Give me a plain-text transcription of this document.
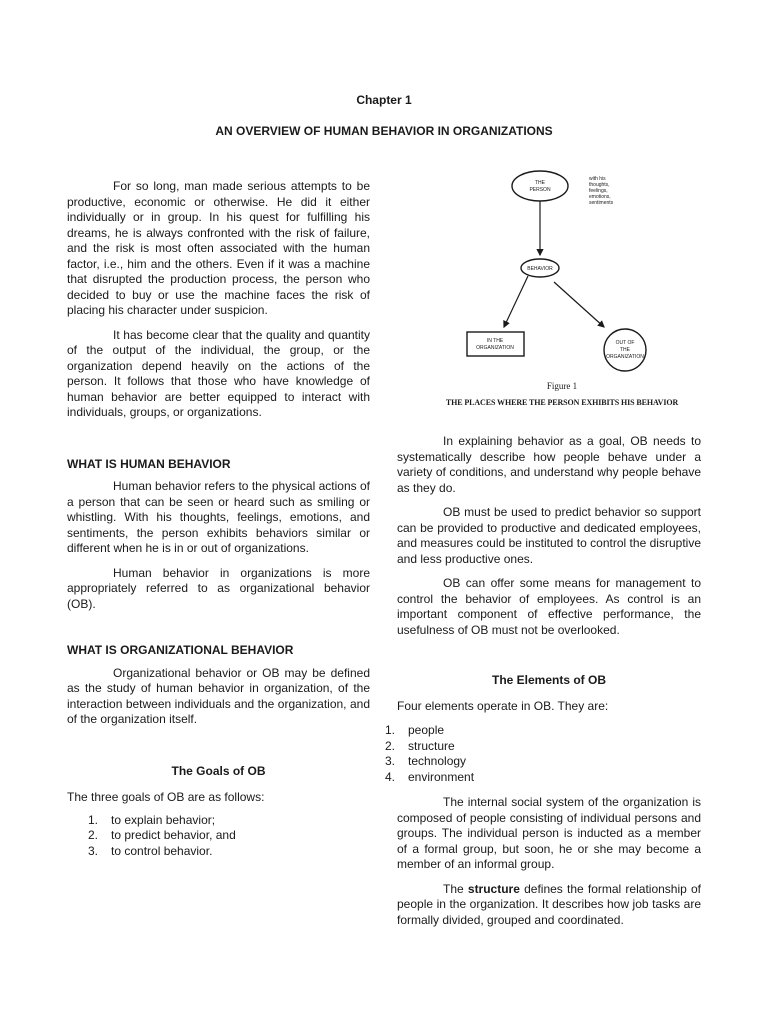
Chapter 1
AN OVERVIEW OF HUMAN BEHAVIOR IN ORGANIZATIONS

For so long, man made serious attempts to be productive, economic or otherwise. He did it either individually or in group. In his quest for fulfilling his dreams, he is always confronted with the risk of failure, and the risk is most often associated with the human factor, i.e., him and the others. Even if it was a machine that disrupted the production process, the person who decided to buy or use the machine faces the risk of placing his character under suspicion.

It has become clear that the quality and quantity of the output of the individual, the group, or the organization depend heavily on the actions of the person. It follows that those who have knowledge of human behavior are better equipped to interact with individuals, groups, or organizations.

WHAT IS HUMAN BEHAVIOR

Human behavior refers to the physical actions of a person that can be seen or heard such as smiling or whistling. With his thoughts, feelings, emotions, and sentiments, the person exhibits behaviors similar or different when he is in or out of organizations.

Human behavior in organizations is more appropriately referred to as organizational behavior (OB).

WHAT IS ORGANIZATIONAL BEHAVIOR

Organizational behavior or OB may be defined as the study of human behavior in organization, of the interaction between individuals and the organization, and of the organization itself.

The Goals of OB

The three goals of OB are as follows:

1.	to explain behavior;
2.	to predict behavior, and
3.	to control behavior.
THE
PERSON
BEHAVIOR
IN THE
ORGANIZATION
OUT OF
THE
ORGANIZATION
with his
thoughts,
feelings,
emotions,
sentiments
Figure 1
THE PLACES WHERE THE PERSON EXHIBITS HIS BEHAVIOR

In explaining behavior as a goal, OB needs to systematically describe how people behave under a variety of conditions, and understand why people behave as they do.

OB must be used to predict behavior so support can be provided to productive and dedicated employees, and measures could be instituted to control the disruptive and less productive ones.

OB can offer some means for management to control the behavior of employees. As control is an important component of effective performance, the usefulness of OB must not be overlooked.

The Elements of OB

Four elements operate in OB. They are:

1.	people
2.	structure
3.	technology
4.	environment

The internal social system of the organization is composed of people consisting of individual persons and groups. The individual person is inducted as a member of a formal group, but soon, he or she may become a member of an informal group.

The structure defines the formal relationship of people in the organization. It describes how job tasks are formally divided, grouped and coordinated.
